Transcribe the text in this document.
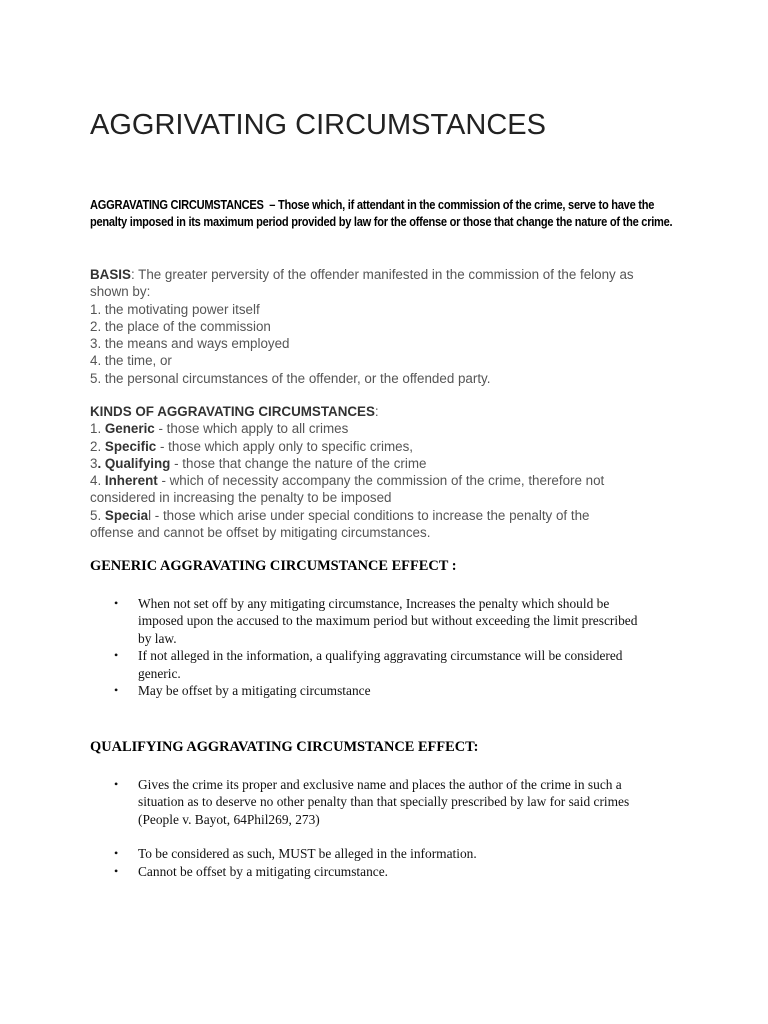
AGGRIVATING CIRCUMSTANCES

AGGRAVATING CIRCUMSTANCES  – Those which, if attendant in the commission of the crime, serve to have the penalty imposed in its maximum period provided by law for the offense or those that change the nature of the crime.

BASIS: The greater perversity of the offender manifested in the commission of the felony as shown by:
1. the motivating power itself
2. the place of the commission
3. the means and ways employed
4. the time, or
5. the personal circumstances of the offender, or the offended party.
KINDS OF AGGRAVATING CIRCUMSTANCES:
1. Generic - those which apply to all crimes
2. Specific - those which apply only to specific crimes,
3. Qualifying - those that change the nature of the crime
4. Inherent - which of necessity accompany the commission of the crime, therefore not considered in increasing the penalty to be imposed
5. Special - those which arise under special conditions to increase the penalty of the offense and cannot be offset by mitigating circumstances.
GENERIC AGGRAVATING CIRCUMSTANCE EFFECT :
• When not set off by any mitigating circumstance, Increases the penalty which should be imposed upon the accused to the maximum period but without exceeding the limit prescribed by law.
• If not alleged in the information, a qualifying aggravating circumstance will be considered generic.
• May be offset by a mitigating circumstance
QUALIFYING AGGRAVATING CIRCUMSTANCE EFFECT:
• Gives the crime its proper and exclusive name and places the author of the crime in such a situation as to deserve no other penalty than that specially prescribed by law for said crimes (People v. Bayot, 64Phil269, 273)
• To be considered as such, MUST be alleged in the information.
• Cannot be offset by a mitigating circumstance.
